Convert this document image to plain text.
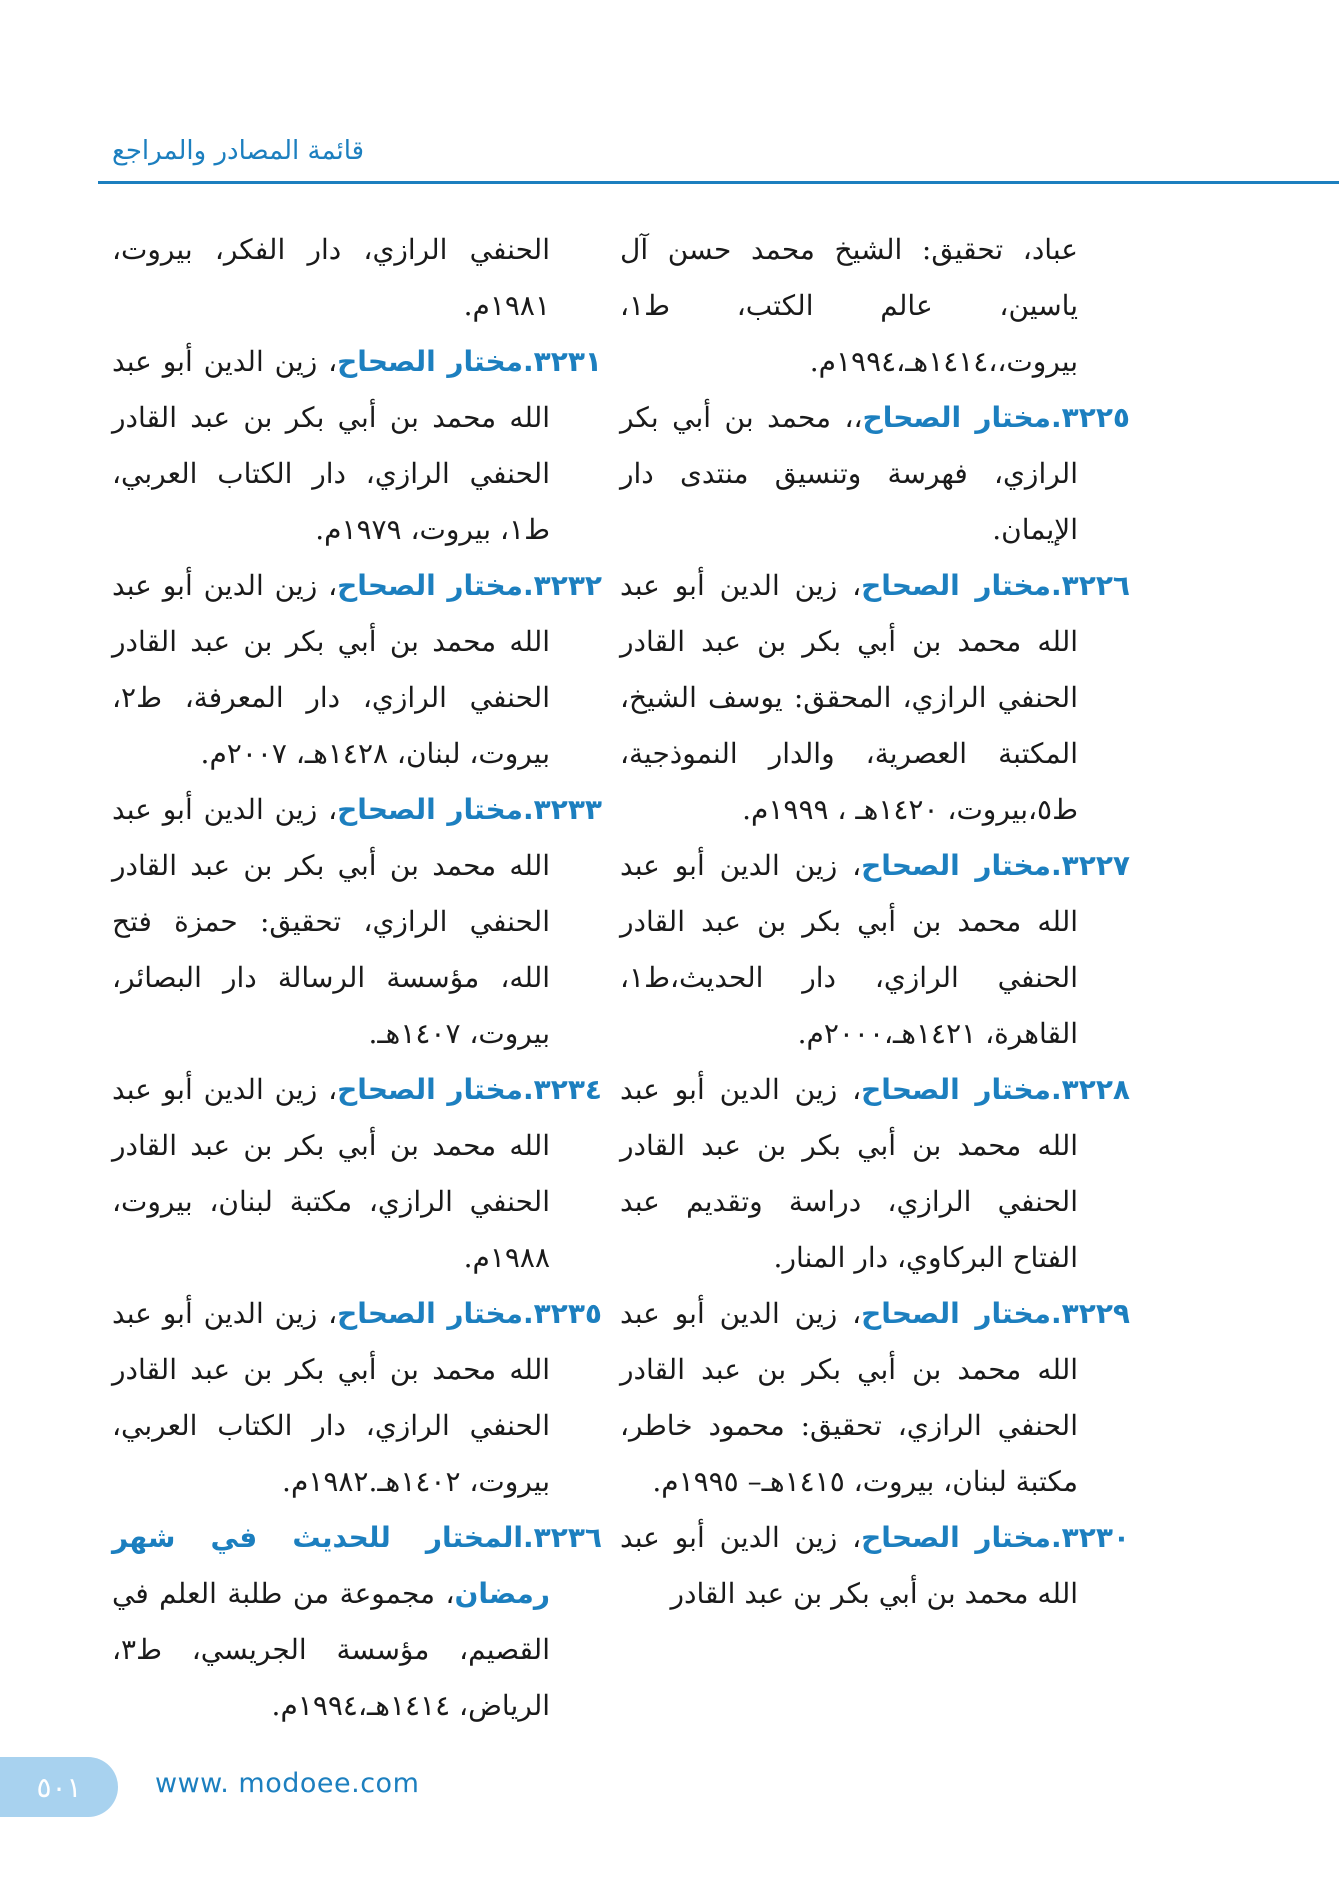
قائمة المصادر والمراجع
عباد، تحقيق: الشيخ محمد حسن آل ياسين، عالم الكتب، ط١، بيروت،،١٤١٤هـ،١٩٩٤م.
٣٢٢٥.مختار الصحاح،، محمد بن أبي بكر الرازي، فهرسة وتنسيق منتدى دار الإيمان.
٣٢٢٦.مختار الصحاح، زين الدين أبو عبد الله محمد بن أبي بكر بن عبد القادر الحنفي الرازي، المحقق: يوسف الشيخ، المكتبة العصرية، والدار النموذجية، ط٥،بيروت، ١٤٢٠هـ ، ١٩٩٩م.
٣٢٢٧.مختار الصحاح، زين الدين أبو عبد الله محمد بن أبي بكر بن عبد القادر الحنفي الرازي، دار الحديث،ط١، القاهرة، ١٤٢١هـ،٢٠٠٠م.
٣٢٢٨.مختار الصحاح، زين الدين أبو عبد الله محمد بن أبي بكر بن عبد القادر الحنفي الرازي، دراسة وتقديم عبد الفتاح البركاوي، دار المنار.
٣٢٢٩.مختار الصحاح، زين الدين أبو عبد الله محمد بن أبي بكر بن عبد القادر الحنفي الرازي، تحقيق: محمود خاطر، مكتبة لبنان، بيروت، ١٤١٥هـ– ١٩٩٥م.
٣٢٣٠.مختار الصحاح، زين الدين أبو عبد الله محمد بن أبي بكر بن عبد القادر
الحنفي الرازي، دار الفكر، بيروت، ١٩٨١م.
٣٢٣١.مختار الصحاح، زين الدين أبو عبد الله محمد بن أبي بكر بن عبد القادر الحنفي الرازي، دار الكتاب العربي، ط١، بيروت، ١٩٧٩م.
٣٢٣٢.مختار الصحاح، زين الدين أبو عبد الله محمد بن أبي بكر بن عبد القادر الحنفي الرازي، دار المعرفة، ط٢، بيروت، لبنان، ١٤٢٨هـ، ٢٠٠٧م.
٣٢٣٣.مختار الصحاح، زين الدين أبو عبد الله محمد بن أبي بكر بن عبد القادر الحنفي الرازي، تحقيق: حمزة فتح الله، مؤسسة الرسالة دار البصائر، بيروت، ١٤٠٧هـ.
٣٢٣٤.مختار الصحاح، زين الدين أبو عبد الله محمد بن أبي بكر بن عبد القادر الحنفي الرازي، مكتبة لبنان، بيروت، ١٩٨٨م.
٣٢٣٥.مختار الصحاح، زين الدين أبو عبد الله محمد بن أبي بكر بن عبد القادر الحنفي الرازي، دار الكتاب العربي، بيروت، ١٤٠٢هـ.١٩٨٢م.
٣٢٣٦.المختار للحديث في شهر رمضان، مجموعة من طلبة العلم في القصيم، مؤسسة الجريسي، ط٣، الرياض، ١٤١٤هـ،١٩٩٤م.
٥٠١	www. modoee.com
